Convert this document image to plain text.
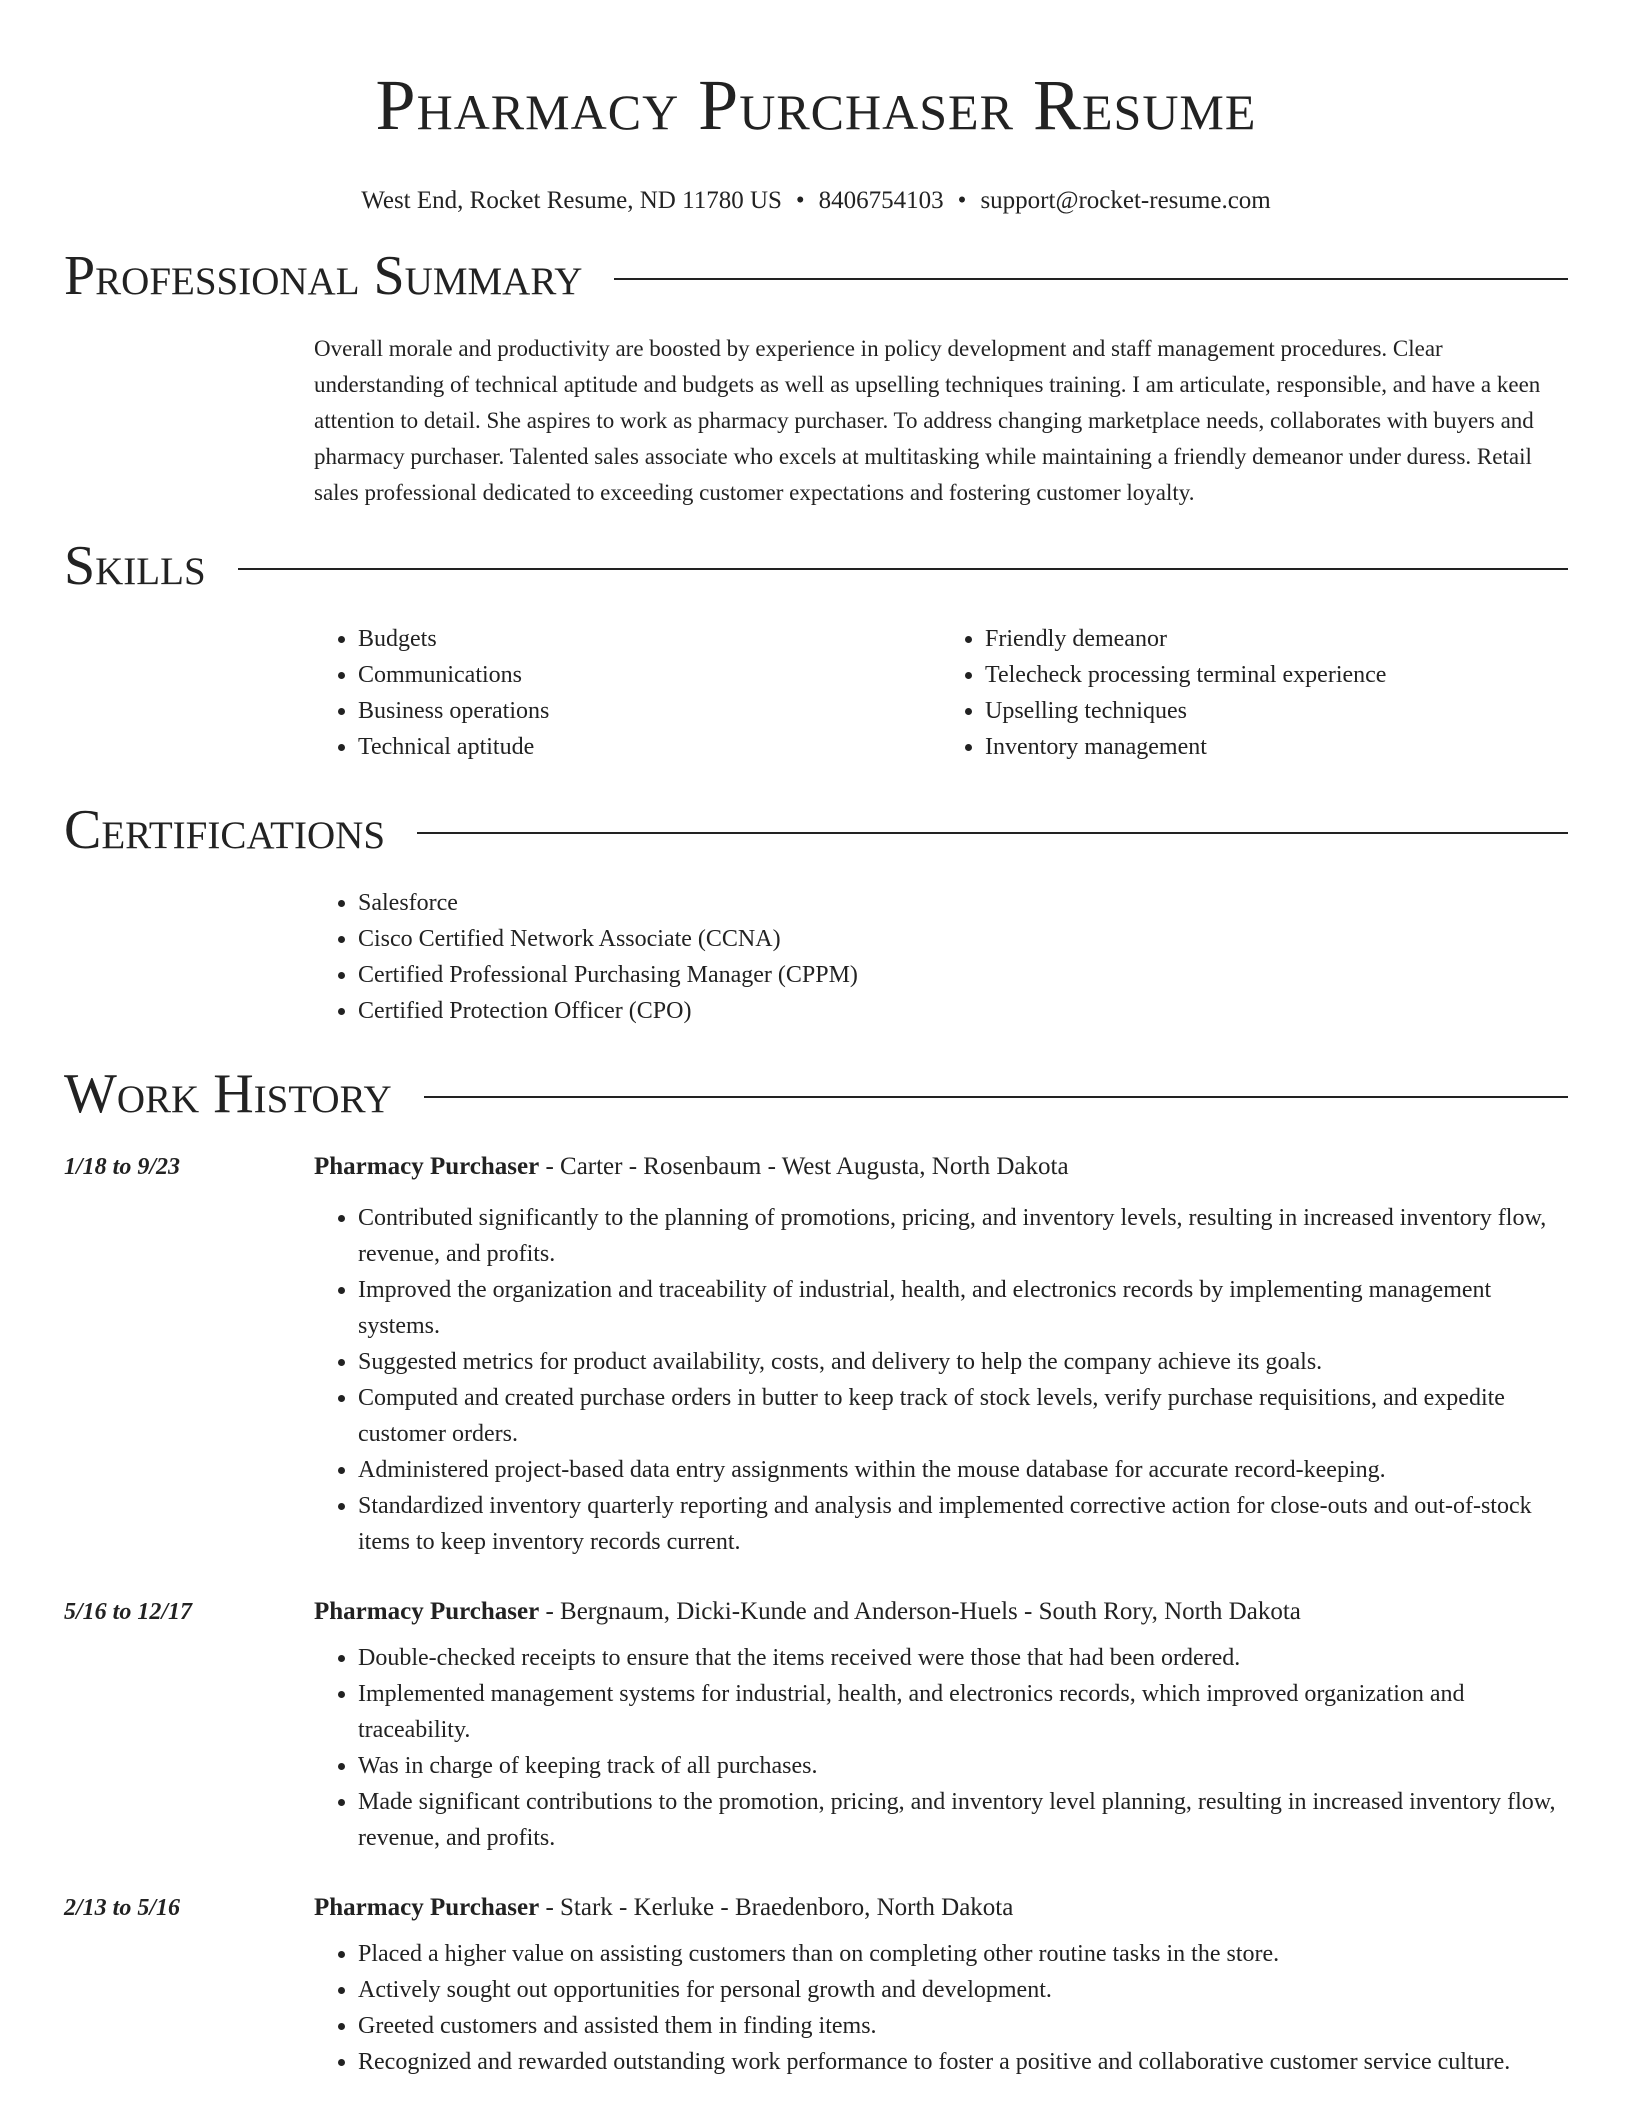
Pharmacy Purchaser Resume
West End, Rocket Resume, ND 11780 US • 8406754103 • support@rocket-resume.com
Professional Summary
Overall morale and productivity are boosted by experience in policy development and staff management procedures. Clear understanding of technical aptitude and budgets as well as upselling techniques training. I am articulate, responsible, and have a keen attention to detail. She aspires to work as pharmacy purchaser. To address changing marketplace needs, collaborates with buyers and pharmacy purchaser. Talented sales associate who excels at multitasking while maintaining a friendly demeanor under duress. Retail sales professional dedicated to exceeding customer expectations and fostering customer loyalty.
Skills
• Budgets
• Communications
• Business operations
• Technical aptitude
• Friendly demeanor
• Telecheck processing terminal experience
• Upselling techniques
• Inventory management
Certifications
• Salesforce
• Cisco Certified Network Associate (CCNA)
• Certified Professional Purchasing Manager (CPPM)
• Certified Protection Officer (CPO)
Work History
1/18 to 9/23	Pharmacy Purchaser - Carter - Rosenbaum - West Augusta, North Dakota
• Contributed significantly to the planning of promotions, pricing, and inventory levels, resulting in increased inventory flow, revenue, and profits.
• Improved the organization and traceability of industrial, health, and electronics records by implementing management systems.
• Suggested metrics for product availability, costs, and delivery to help the company achieve its goals.
• Computed and created purchase orders in butter to keep track of stock levels, verify purchase requisitions, and expedite customer orders.
• Administered project-based data entry assignments within the mouse database for accurate record-keeping.
• Standardized inventory quarterly reporting and analysis and implemented corrective action for close-outs and out-of-stock items to keep inventory records current.
5/16 to 12/17	Pharmacy Purchaser - Bergnaum, Dicki-Kunde and Anderson-Huels - South Rory, North Dakota
• Double-checked receipts to ensure that the items received were those that had been ordered.
• Implemented management systems for industrial, health, and electronics records, which improved organization and traceability.
• Was in charge of keeping track of all purchases.
• Made significant contributions to the promotion, pricing, and inventory level planning, resulting in increased inventory flow, revenue, and profits.
2/13 to 5/16	Pharmacy Purchaser - Stark - Kerluke - Braedenboro, North Dakota
• Placed a higher value on assisting customers than on completing other routine tasks in the store.
• Actively sought out opportunities for personal growth and development.
• Greeted customers and assisted them in finding items.
• Recognized and rewarded outstanding work performance to foster a positive and collaborative customer service culture.
